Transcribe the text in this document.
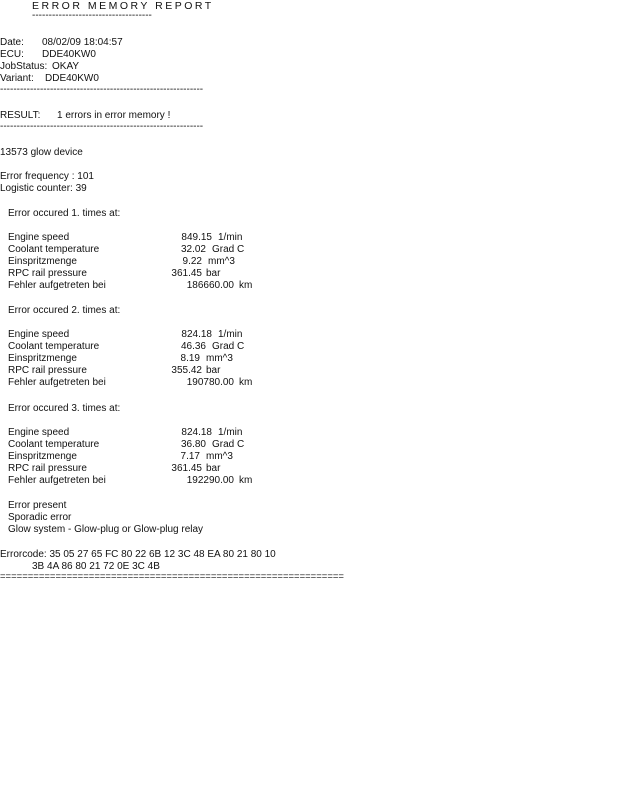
ERROR MEMORY REPORT
------------------------------------
Date: 08/02/09 18:04:57
ECU: DDE40KW0
JobStatus: OKAY
Variant: DDE40KW0
-------------------------------------------------------------
RESULT: 1 errors in error memory !
-------------------------------------------------------------
13573 glow device
Error frequency : 101
Logistic counter: 39
Error occured 1. times at:
Engine speed	849.15 1/min
Coolant temperature	32.02 Grad C
Einspritzmenge	9.22 mm^3
RPC rail pressure	361.45 bar
Fehler aufgetreten bei	186660.00 km
Error occured 2. times at:
Engine speed	824.18 1/min
Coolant temperature	46.36 Grad C
Einspritzmenge	8.19 mm^3
RPC rail pressure	355.42 bar
Fehler aufgetreten bei	190780.00 km
Error occured 3. times at:
Engine speed	824.18 1/min
Coolant temperature	36.80 Grad C
Einspritzmenge	7.17 mm^3
RPC rail pressure	361.45 bar
Fehler aufgetreten bei	192290.00 km
Error present
Sporadic error
Glow system - Glow-plug or Glow-plug relay
Errorcode: 35 05 27 65 FC 80 22 6B 12 3C 48 EA 80 21 80 10
3B 4A 86 80 21 72 0E 3C 4B
==============================================================
